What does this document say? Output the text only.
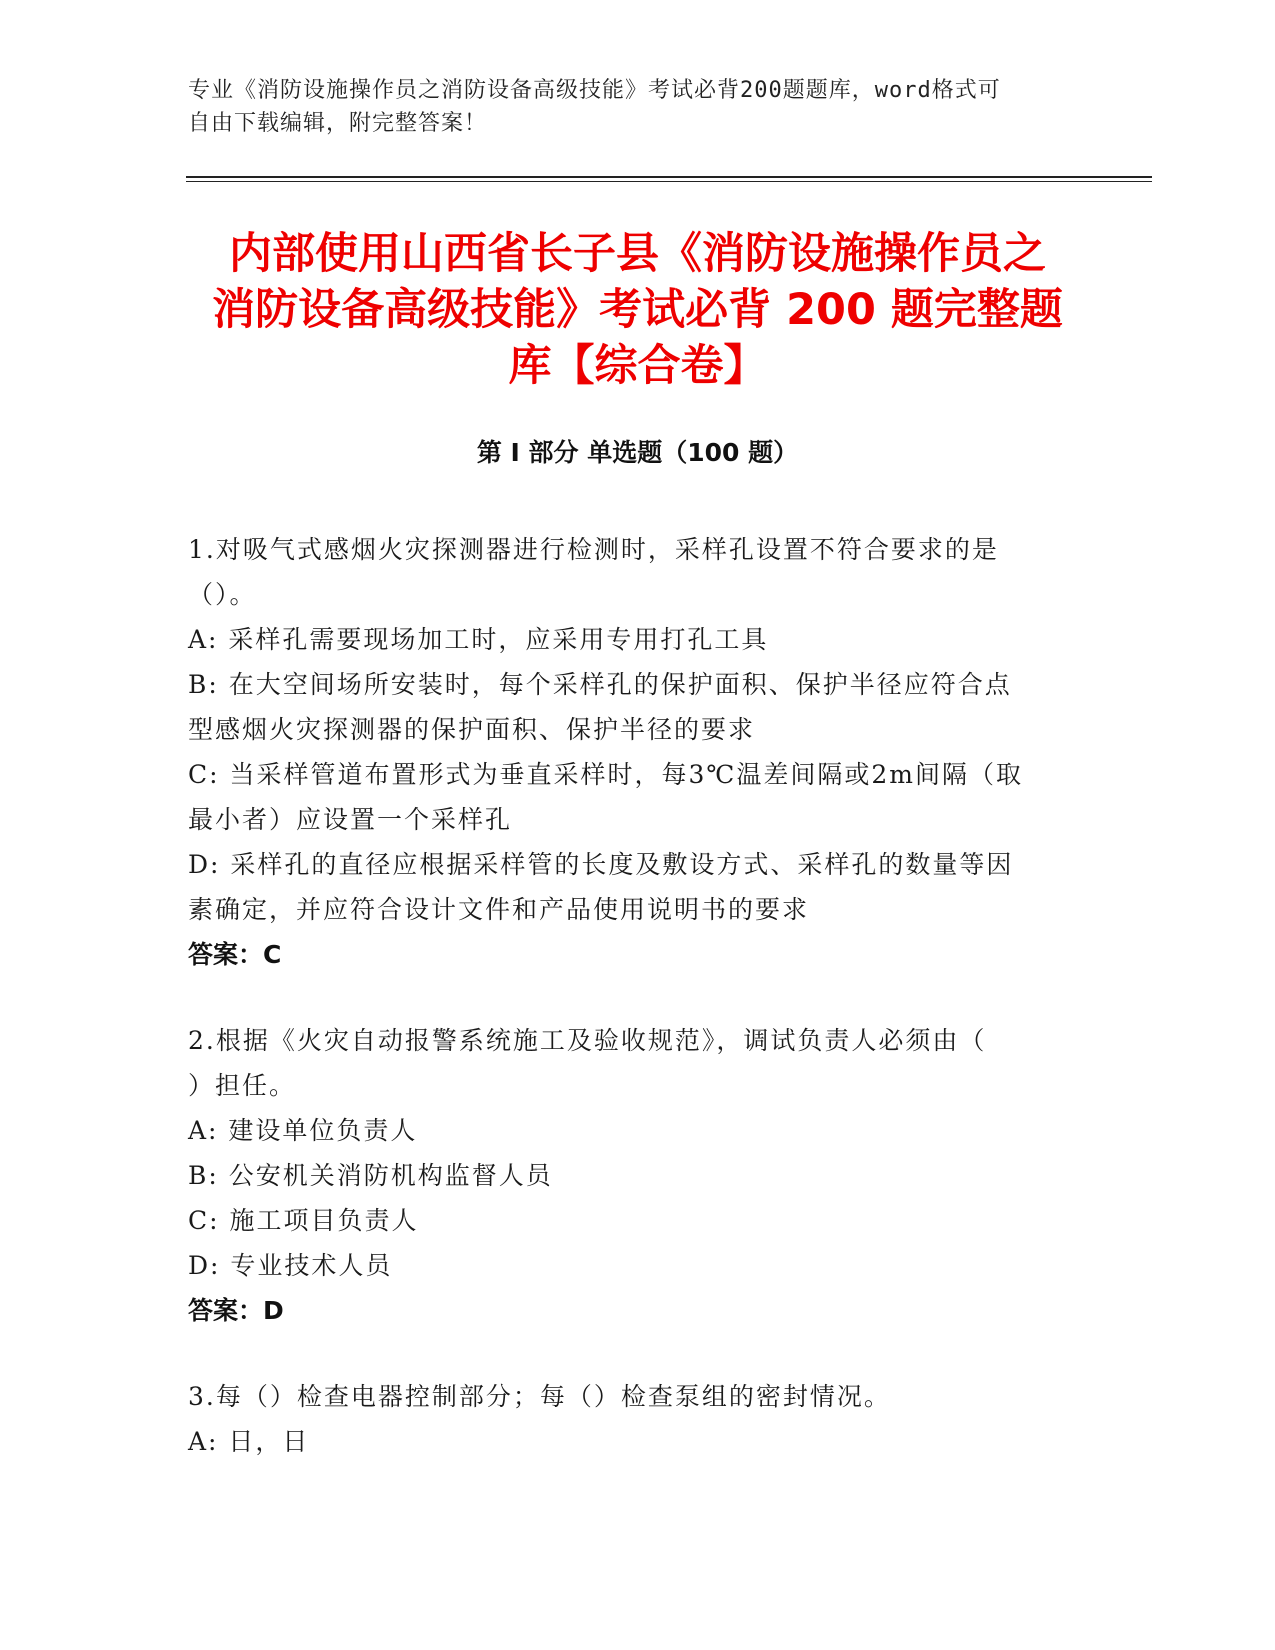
专业《消防设施操作员之消防设备高级技能》考试必背200题题库，word格式可
自由下载编辑，附完整答案！
内部使用山西省长子县《消防设施操作员之
消防设备高级技能》考试必背 200 题完整题
库【综合卷】
第 I 部分 单选题（100 题）
1.对吸气式感烟火灾探测器进行检测时，采样孔设置不符合要求的是
（）。
A: 采样孔需要现场加工时，应采用专用打孔工具
B: 在大空间场所安装时，每个采样孔的保护面积、保护半径应符合点
型感烟火灾探测器的保护面积、保护半径的要求
C: 当采样管道布置形式为垂直采样时，每3℃温差间隔或2m间隔（取
最小者）应设置一个采样孔
D: 采样孔的直径应根据采样管的长度及敷设方式、采样孔的数量等因
素确定，并应符合设计文件和产品使用说明书的要求
答案：C
2.根据《火灾自动报警系统施工及验收规范》，调试负责人必须由（
）担任。
A: 建设单位负责人
B: 公安机关消防机构监督人员
C: 施工项目负责人
D: 专业技术人员
答案：D
3.每（）检查电器控制部分；每（）检查泵组的密封情况。
A: 日，日
